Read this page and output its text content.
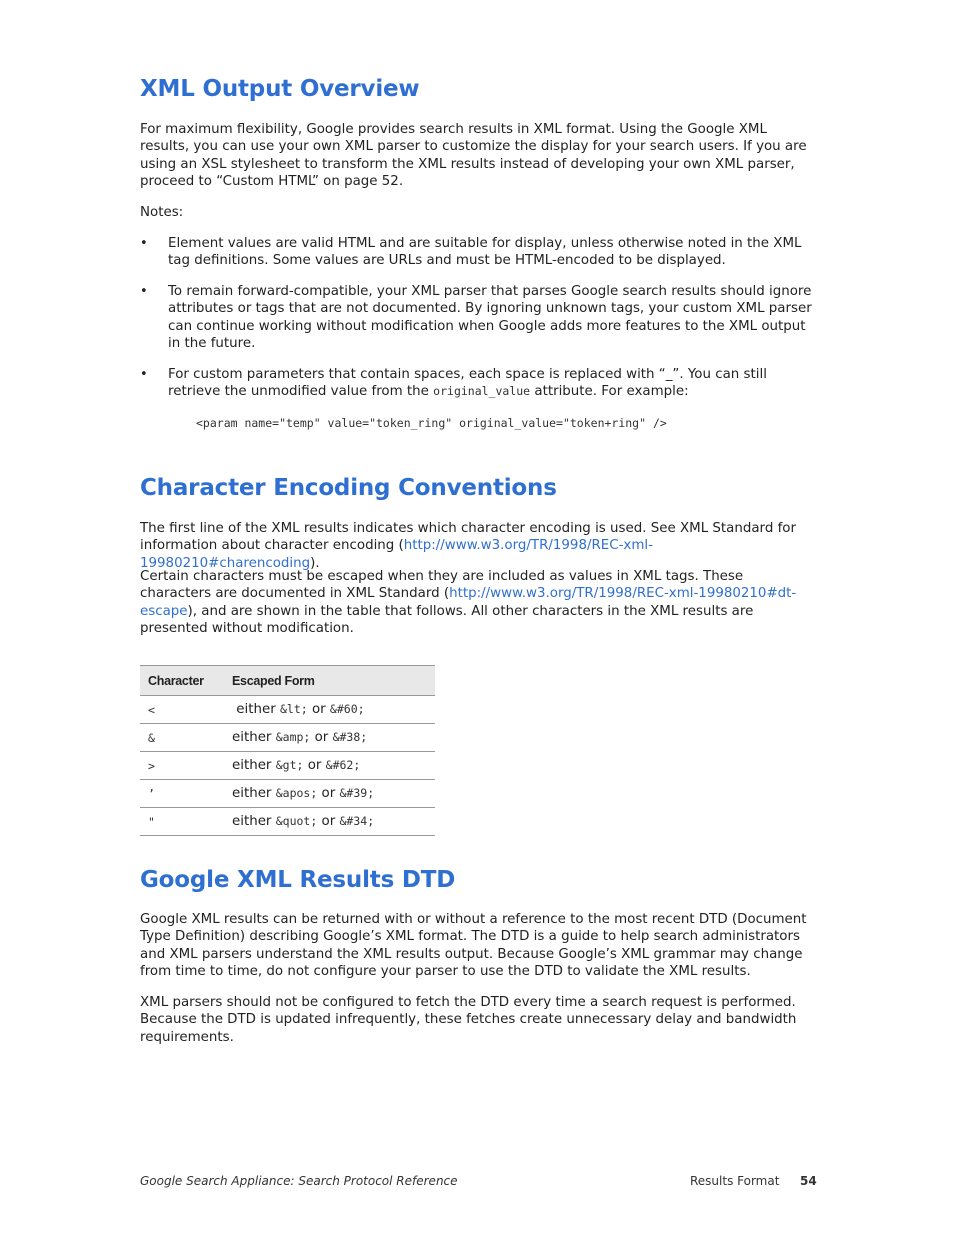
XML Output Overview

For maximum flexibility, Google provides search results in XML format. Using the Google XML results, you can use your own XML parser to customize the display for your search users. If you are using an XSL stylesheet to transform the XML results instead of developing your own XML parser, proceed to “Custom HTML” on page 52.

Notes:

• Element values are valid HTML and are suitable for display, unless otherwise noted in the XML tag definitions. Some values are URLs and must be HTML-encoded to be displayed.
• To remain forward-compatible, your XML parser that parses Google search results should ignore attributes or tags that are not documented. By ignoring unknown tags, your custom XML parser can continue working without modification when Google adds more features to the XML output in the future.
• For custom parameters that contain spaces, each space is replaced with “_”. You can still retrieve the unmodified value from the original_value attribute. For example:
<param name="temp" value="token_ring" original_value="token+ring" />
Character Encoding Conventions

The first line of the XML results indicates which character encoding is used. See XML Standard for information about character encoding (http://www.w3.org/TR/1998/REC-xml-19980210#charencoding).

Certain characters must be escaped when they are included as values in XML tags. These characters are documented in XML Standard (http://www.w3.org/TR/1998/REC-xml-19980210#dt-escape), and are shown in the table that follows. All other characters in the XML results are presented without modification.

Character	Escaped Form
<	either &lt; or &#60;
&	either &amp; or &#38;
>	either &gt; or &#62;
’	either &apos; or &#39;
"	either &quot; or &#34;
Google XML Results DTD

Google XML results can be returned with or without a reference to the most recent DTD (Document Type Definition) describing Google’s XML format. The DTD is a guide to help search administrators and XML parsers understand the XML results output. Because Google’s XML grammar may change from time to time, do not configure your parser to use the DTD to validate the XML results.

XML parsers should not be configured to fetch the DTD every time a search request is performed. Because the DTD is updated infrequently, these fetches create unnecessary delay and bandwidth requirements.

Google Search Appliance: Search Protocol Reference	Results Format 54
